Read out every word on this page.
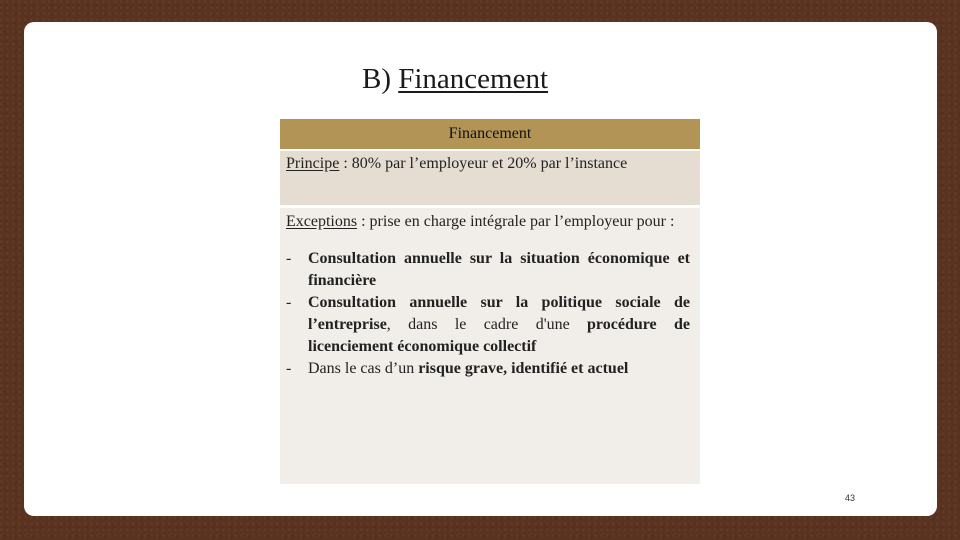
B) Financement
Financement
Principe : 80% par l’employeur et 20% par l’instance
Exceptions : prise en charge intégrale par l’employeur pour :
- Consultation annuelle sur la situation économique et financière
- Consultation annuelle sur la politique sociale de l’entreprise, dans le cadre d'une procédure de licenciement économique collectif
- Dans le cas d’un risque grave, identifié et actuel
43
